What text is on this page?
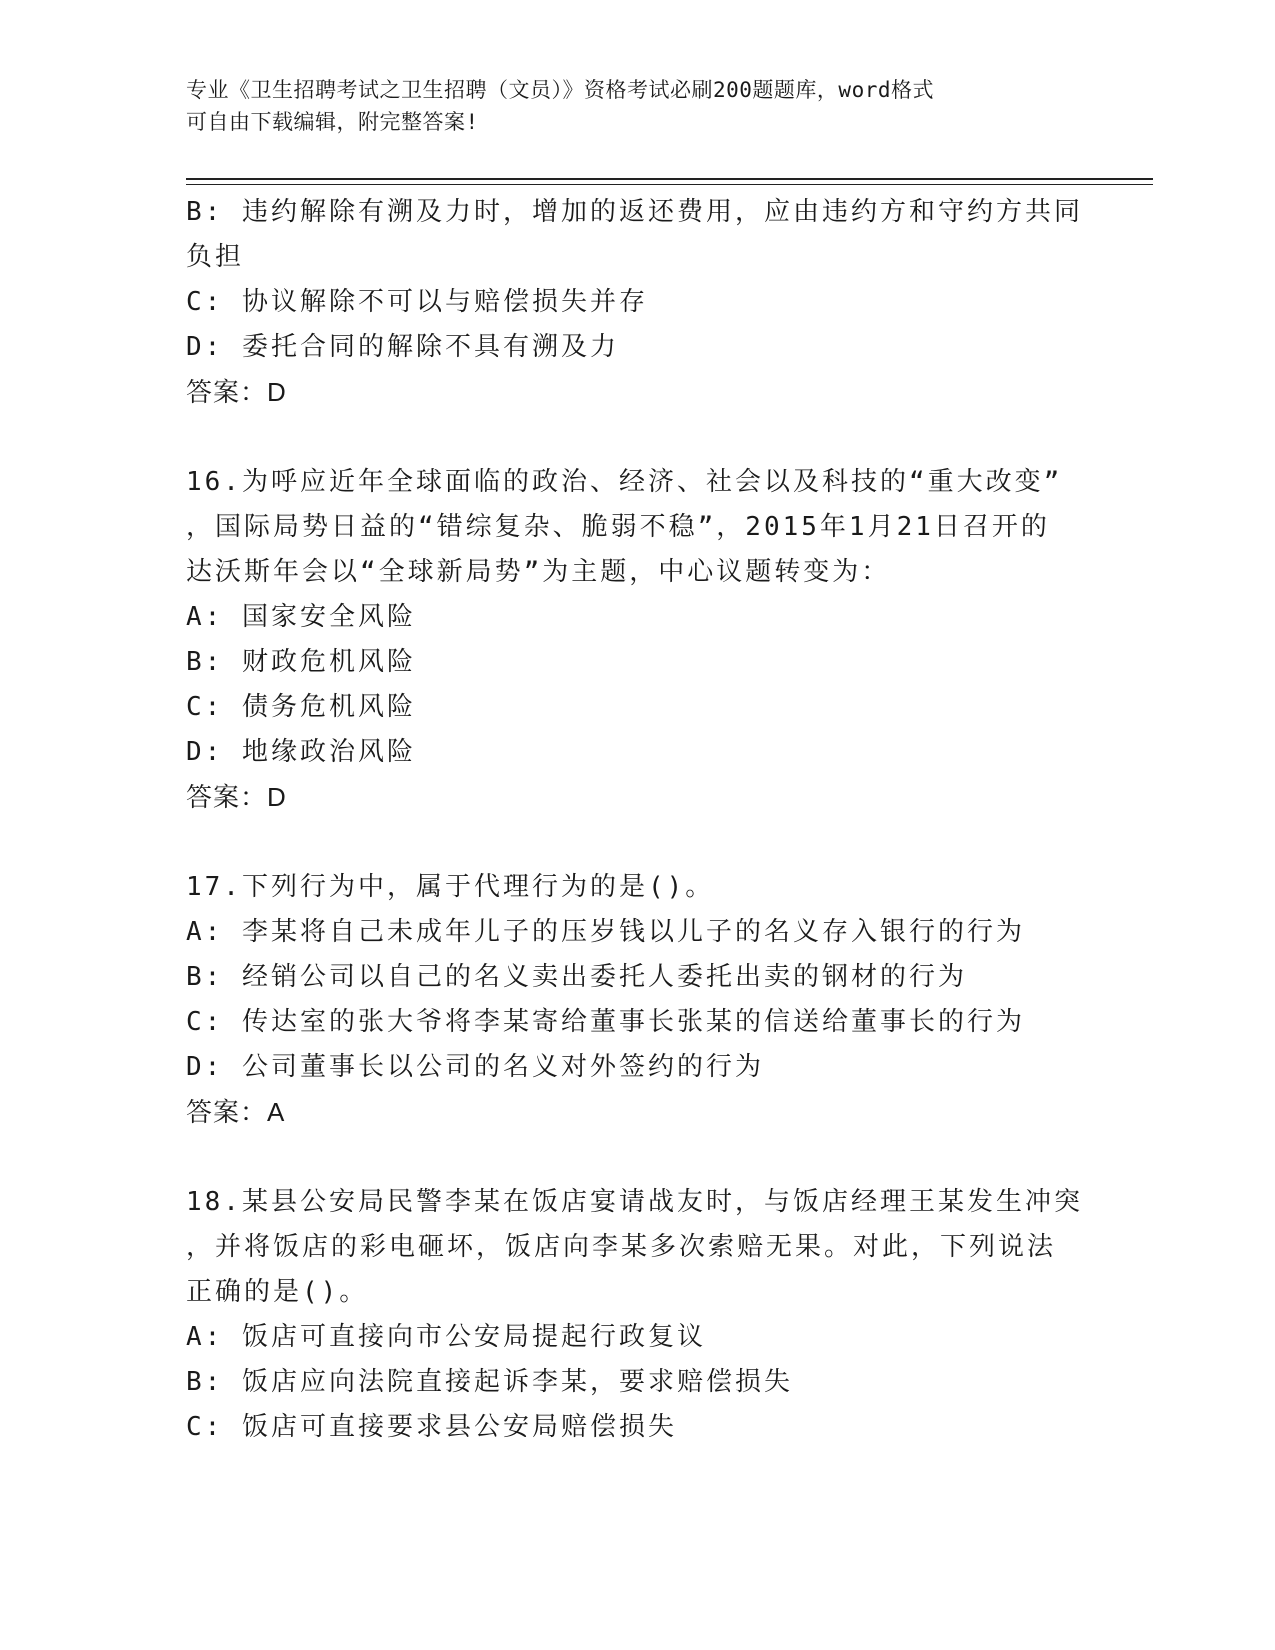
专业《卫生招聘考试之卫生招聘（文员）》资格考试必刷200题题库，word格式
可自由下载编辑，附完整答案!
B: 违约解除有溯及力时，增加的返还费用，应由违约方和守约方共同
负担
C: 协议解除不可以与赔偿损失并存
D: 委托合同的解除不具有溯及力
答案：D
16.为呼应近年全球面临的政治、经济、社会以及科技的“重大改变”
，国际局势日益的“错综复杂、脆弱不稳”，2015年1月21日召开的
达沃斯年会以“全球新局势”为主题，中心议题转变为：
A: 国家安全风险
B: 财政危机风险
C: 债务危机风险
D: 地缘政治风险
答案：D
17.下列行为中，属于代理行为的是()。
A: 李某将自己未成年儿子的压岁钱以儿子的名义存入银行的行为
B: 经销公司以自己的名义卖出委托人委托出卖的钢材的行为
C: 传达室的张大爷将李某寄给董事长张某的信送给董事长的行为
D: 公司董事长以公司的名义对外签约的行为
答案：A
18.某县公安局民警李某在饭店宴请战友时，与饭店经理王某发生冲突
，并将饭店的彩电砸坏，饭店向李某多次索赔无果。对此，下列说法
正确的是()。
A: 饭店可直接向市公安局提起行政复议
B: 饭店应向法院直接起诉李某，要求赔偿损失
C: 饭店可直接要求县公安局赔偿损失
